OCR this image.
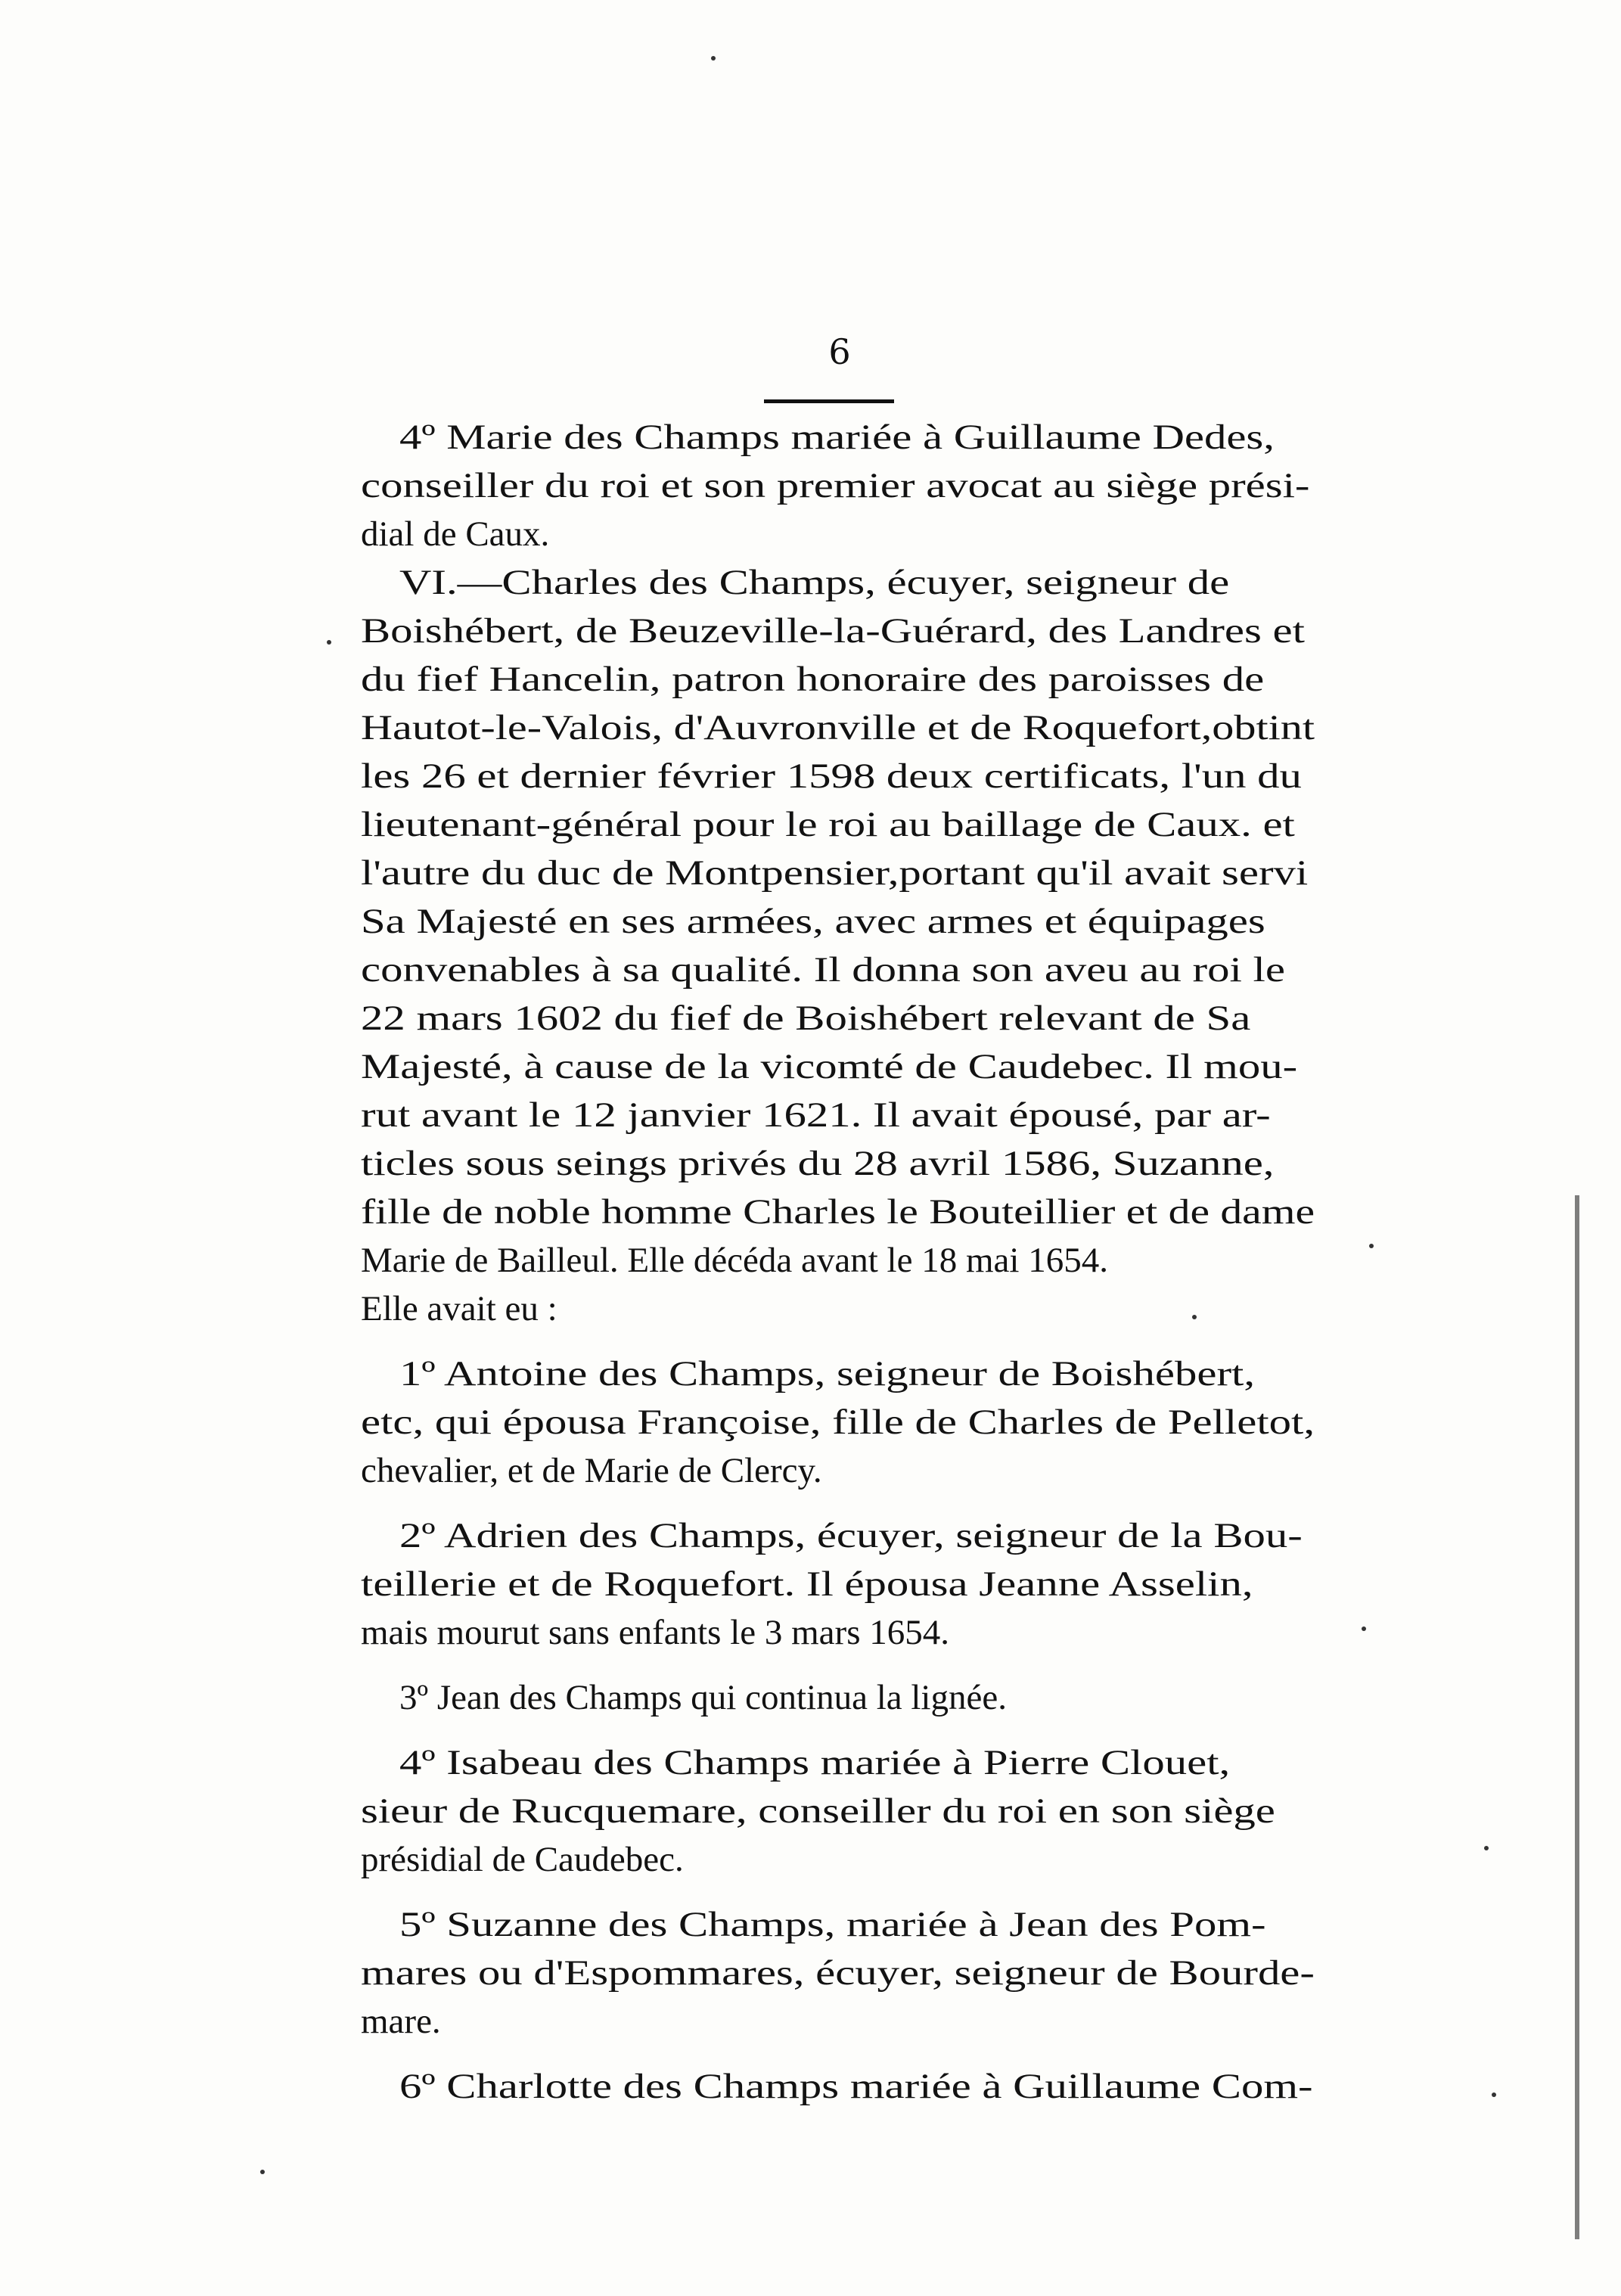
6
4º Marie des Champs mariée à Guillaume Dedes,
conseiller du roi et son premier avocat au siège prési-
dial de Caux.
VI.—Charles des Champs, écuyer, seigneur de
Boishébert, de Beuzeville-la-Guérard, des Landres et
du fief Hancelin, patron honoraire des paroisses de
Hautot-le-Valois, d'Auvronville et de Roquefort,obtint
les 26 et dernier février 1598 deux certificats, l'un du
lieutenant-général pour le roi au baillage de Caux. et
l'autre du duc de Montpensier,portant qu'il avait servi
Sa Majesté en ses armées, avec armes et équipages
convenables à sa qualité. Il donna son aveu au roi le
22 mars 1602 du fief de Boishébert relevant de Sa
Majesté, à cause de la vicomté de Caudebec. Il mou-
rut avant le 12 janvier 1621. Il avait épousé, par ar-
ticles sous seings privés du 28 avril 1586, Suzanne,
fille de noble homme Charles le Bouteillier et de dame
Marie de Bailleul. Elle décéda avant le 18 mai 1654.
Elle avait eu :
1º Antoine des Champs, seigneur de Boishébert,
etc, qui épousa Françoise, fille de Charles de Pelletot,
chevalier, et de Marie de Clercy.
2º Adrien des Champs, écuyer, seigneur de la Bou-
teillerie et de Roquefort. Il épousa Jeanne Asselin,
mais mourut sans enfants le 3 mars 1654.
3º Jean des Champs qui continua la lignée.
4º Isabeau des Champs mariée à Pierre Clouet,
sieur de Rucquemare, conseiller du roi en son siège
présidial de Caudebec.
5º Suzanne des Champs, mariée à Jean des Pom-
mares ou d'Espommares, écuyer, seigneur de Bourde-
mare.
6º Charlotte des Champs mariée à Guillaume Com-
